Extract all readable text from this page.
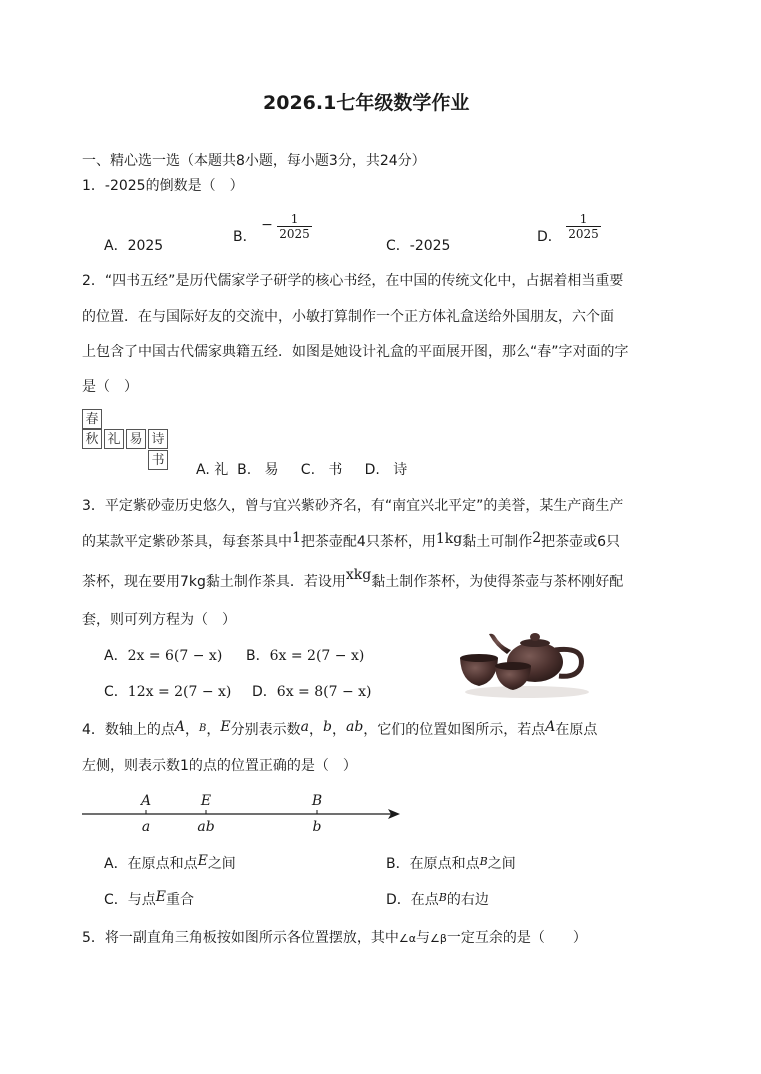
2026.1七年级数学作业
一、精心选一选（本题共8小题，每小题3分，共24分）
1．-2025的倒数是（　）
A．2025
B． − $\frac{1}{2025}$
C．-2025
D． $\frac{1}{2025}$
2．“四书五经”是历代儒家学子研学的核心书经，在中国的传统文化中，占据着相当重要
的位置．在与国际好友的交流中，小敏打算制作一个正方体礼盒送给外国朋友，六个面
上包含了中国古代儒家典籍五经．如图是她设计礼盒的平面展开图，那么“春”字对面的字
是（　）
春
秋 礼 易 诗
书
A. 礼  B.   易     C.   书     D.   诗
3．平定紫砂壶历史悠久，曾与宜兴紫砂齐名，有“南宜兴北平定”的美誉，某生产商生产
的某款平定紫砂茶具，每套茶具中1把茶壶配4只茶杯，用1kg黏土可制作2把茶壶或6只
茶杯，现在要用7kg黏土制作茶具．若设用xkg黏土制作茶杯，为使得茶壶与茶杯刚好配
套，则可列方程为（　）
A．2x = 6(7 − x) B．6x = 2(7 − x)
C．12x = 2(7 − x) D．6x = 8(7 − x)
4．数轴上的点A，$^B$，E分别表示数a，b，ab，它们的位置如图所示，若点A在原点
左侧，则表示数1的点的位置正确的是（　）
A	E	B
a	ab	b
A．在原点和点E之间	B．在原点和点$^B$之间
C．与点E重合	D．在点$^B$的右边
5．将一副直角三角板按如图所示各位置摆放，其中∠α与∠β一定互余的是（　　）
